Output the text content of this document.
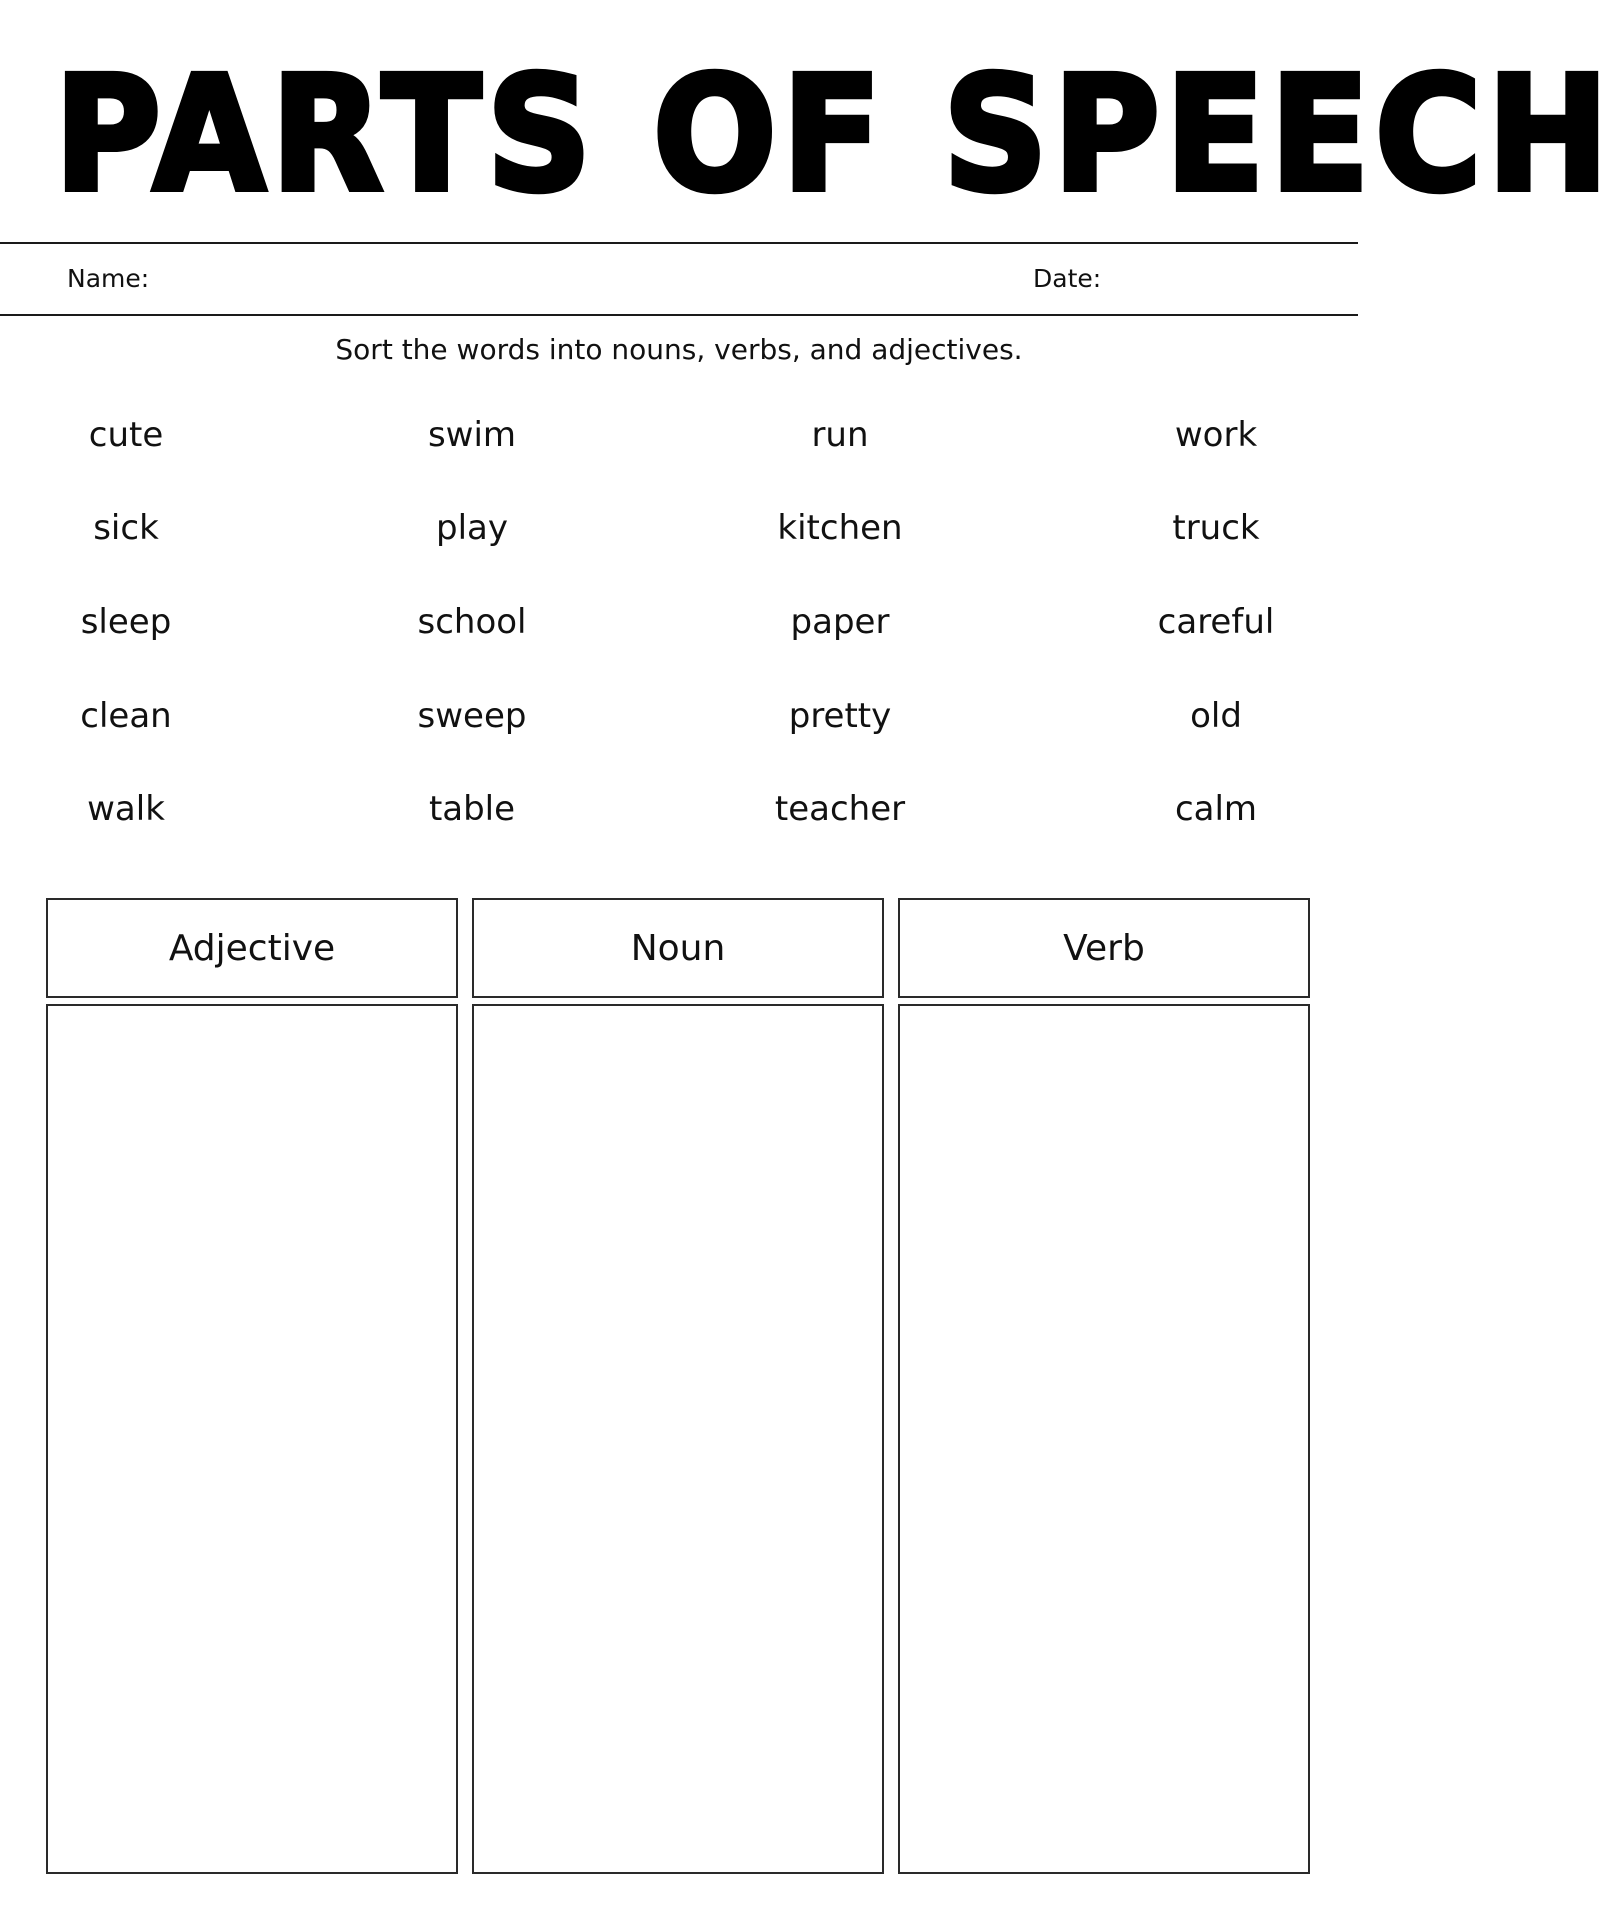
PARTS OF SPEECH
Name:	Date:
Sort the words into nouns, verbs, and adjectives.
cute	swim	run	work
sick	play	kitchen	truck
sleep	school	paper	careful
clean	sweep	pretty	old
walk	table	teacher	calm
Adjective	Noun	Verb
